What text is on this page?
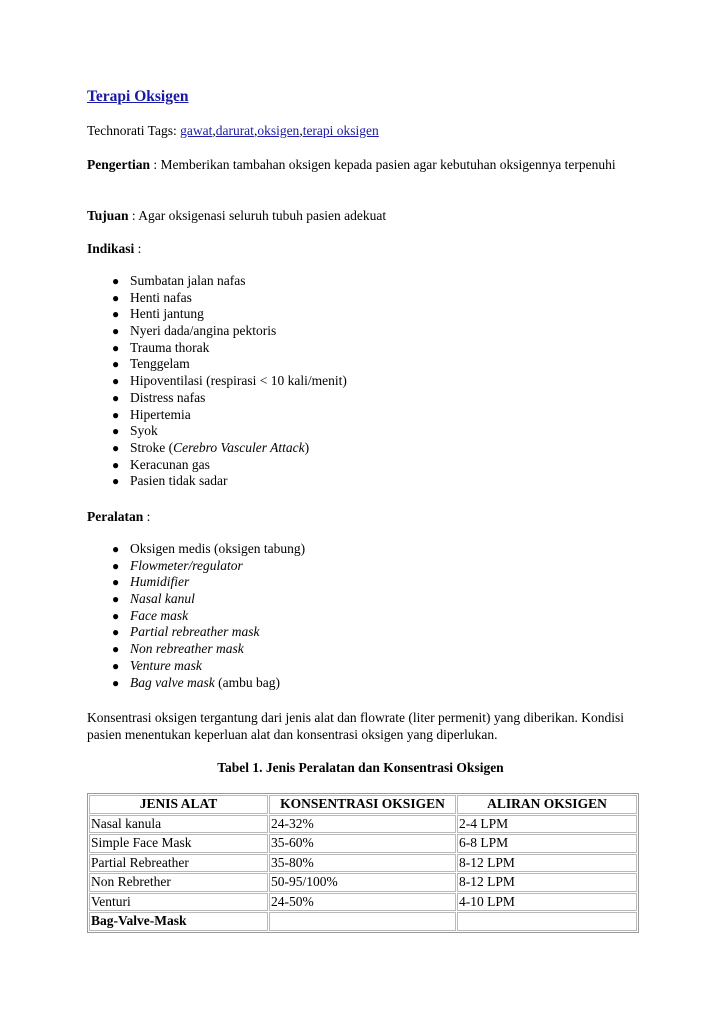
Terapi Oksigen
Technorati Tags: gawat,darurat,oksigen,terapi oksigen
Pengertian : Memberikan tambahan oksigen kepada pasien agar kebutuhan oksigennya terpenuhi
Tujuan : Agar oksigenasi seluruh tubuh pasien adekuat
Indikasi :
● Sumbatan jalan nafas
● Henti nafas
● Henti jantung
● Nyeri dada/angina pektoris
● Trauma thorak
● Tenggelam
● Hipoventilasi (respirasi < 10 kali/menit)
● Distress nafas
● Hipertemia
● Syok
● Stroke (Cerebro Vasculer Attack)
● Keracunan gas
● Pasien tidak sadar
Peralatan :
● Oksigen medis (oksigen tabung)
● Flowmeter/regulator
● Humidifier
● Nasal kanul
● Face mask
● Partial rebreather mask
● Non rebreather mask
● Venture mask
● Bag valve mask (ambu bag)
Konsentrasi oksigen tergantung dari jenis alat dan flowrate (liter permenit) yang diberikan. Kondisi pasien menentukan keperluan alat dan konsentrasi oksigen yang diperlukan.
Tabel 1. Jenis Peralatan dan Konsentrasi Oksigen
JENIS ALAT	KONSENTRASI OKSIGEN	ALIRAN OKSIGEN
Nasal kanula	24-32%	2-4 LPM
Simple Face Mask	35-60%	6-8 LPM
Partial Rebreather	35-80%	8-12 LPM
Non Rebrether	50-95/100%	8-12 LPM
Venturi	24-50%	4-10 LPM
Bag-Valve-Mask		
